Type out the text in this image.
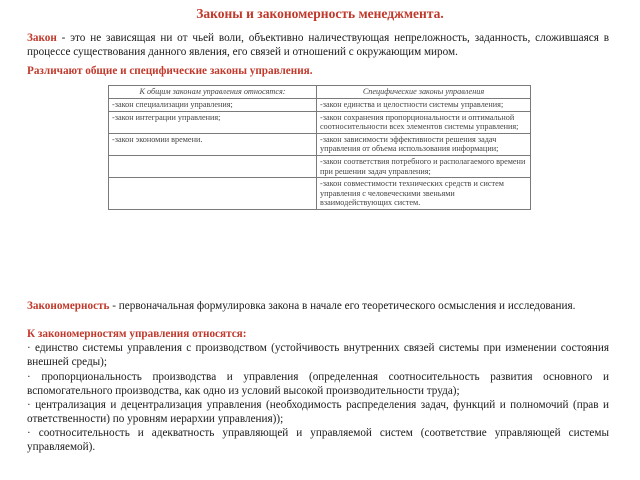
Законы и закономерность менеджмента.
Закон - это не зависящая ни от чьей воли, объективно наличествующая непреложность, заданность, сложившаяся в процессе существования данного явления, его связей и отношений с окружающим миром.
Различают общие и специфические законы управления.
К общим законам управления относятся:	Специфические законы управления
-закон специализации управления;	-закон единства и целостности системы управления;
-закон интеграции управления;	-закон сохранения пропорциональности и оптимальной соотносительности всех элементов системы управления;
-закон экономии времени.	-закон зависимости эффективности решения задач управления от объема использования информации;
	-закон соответствия потребного и располагаемого времени при решении задач управления;
	-закон совместимости технических средств и систем управления с человеческими звеньями взаимодействующих систем.
Закономерность - первоначальная формулировка закона в начале его теоретического осмысления и исследования.
К закономерностям управления относятся:
· единство системы управления с производством (устойчивость внутренних связей системы при изменении состояния внешней среды);
· пропорциональность производства и управления (определенная соотносительность развития основного и вспомогательного производства, как одно из условий высокой производительности труда);
· централизация и децентрализация управления (необходимость распределения задач, функций и полномочий (прав и ответственности) по уровням иерархии управления));
· соотносительность и адекватность управляющей и управляемой систем (соответствие управляющей системы управляемой).
